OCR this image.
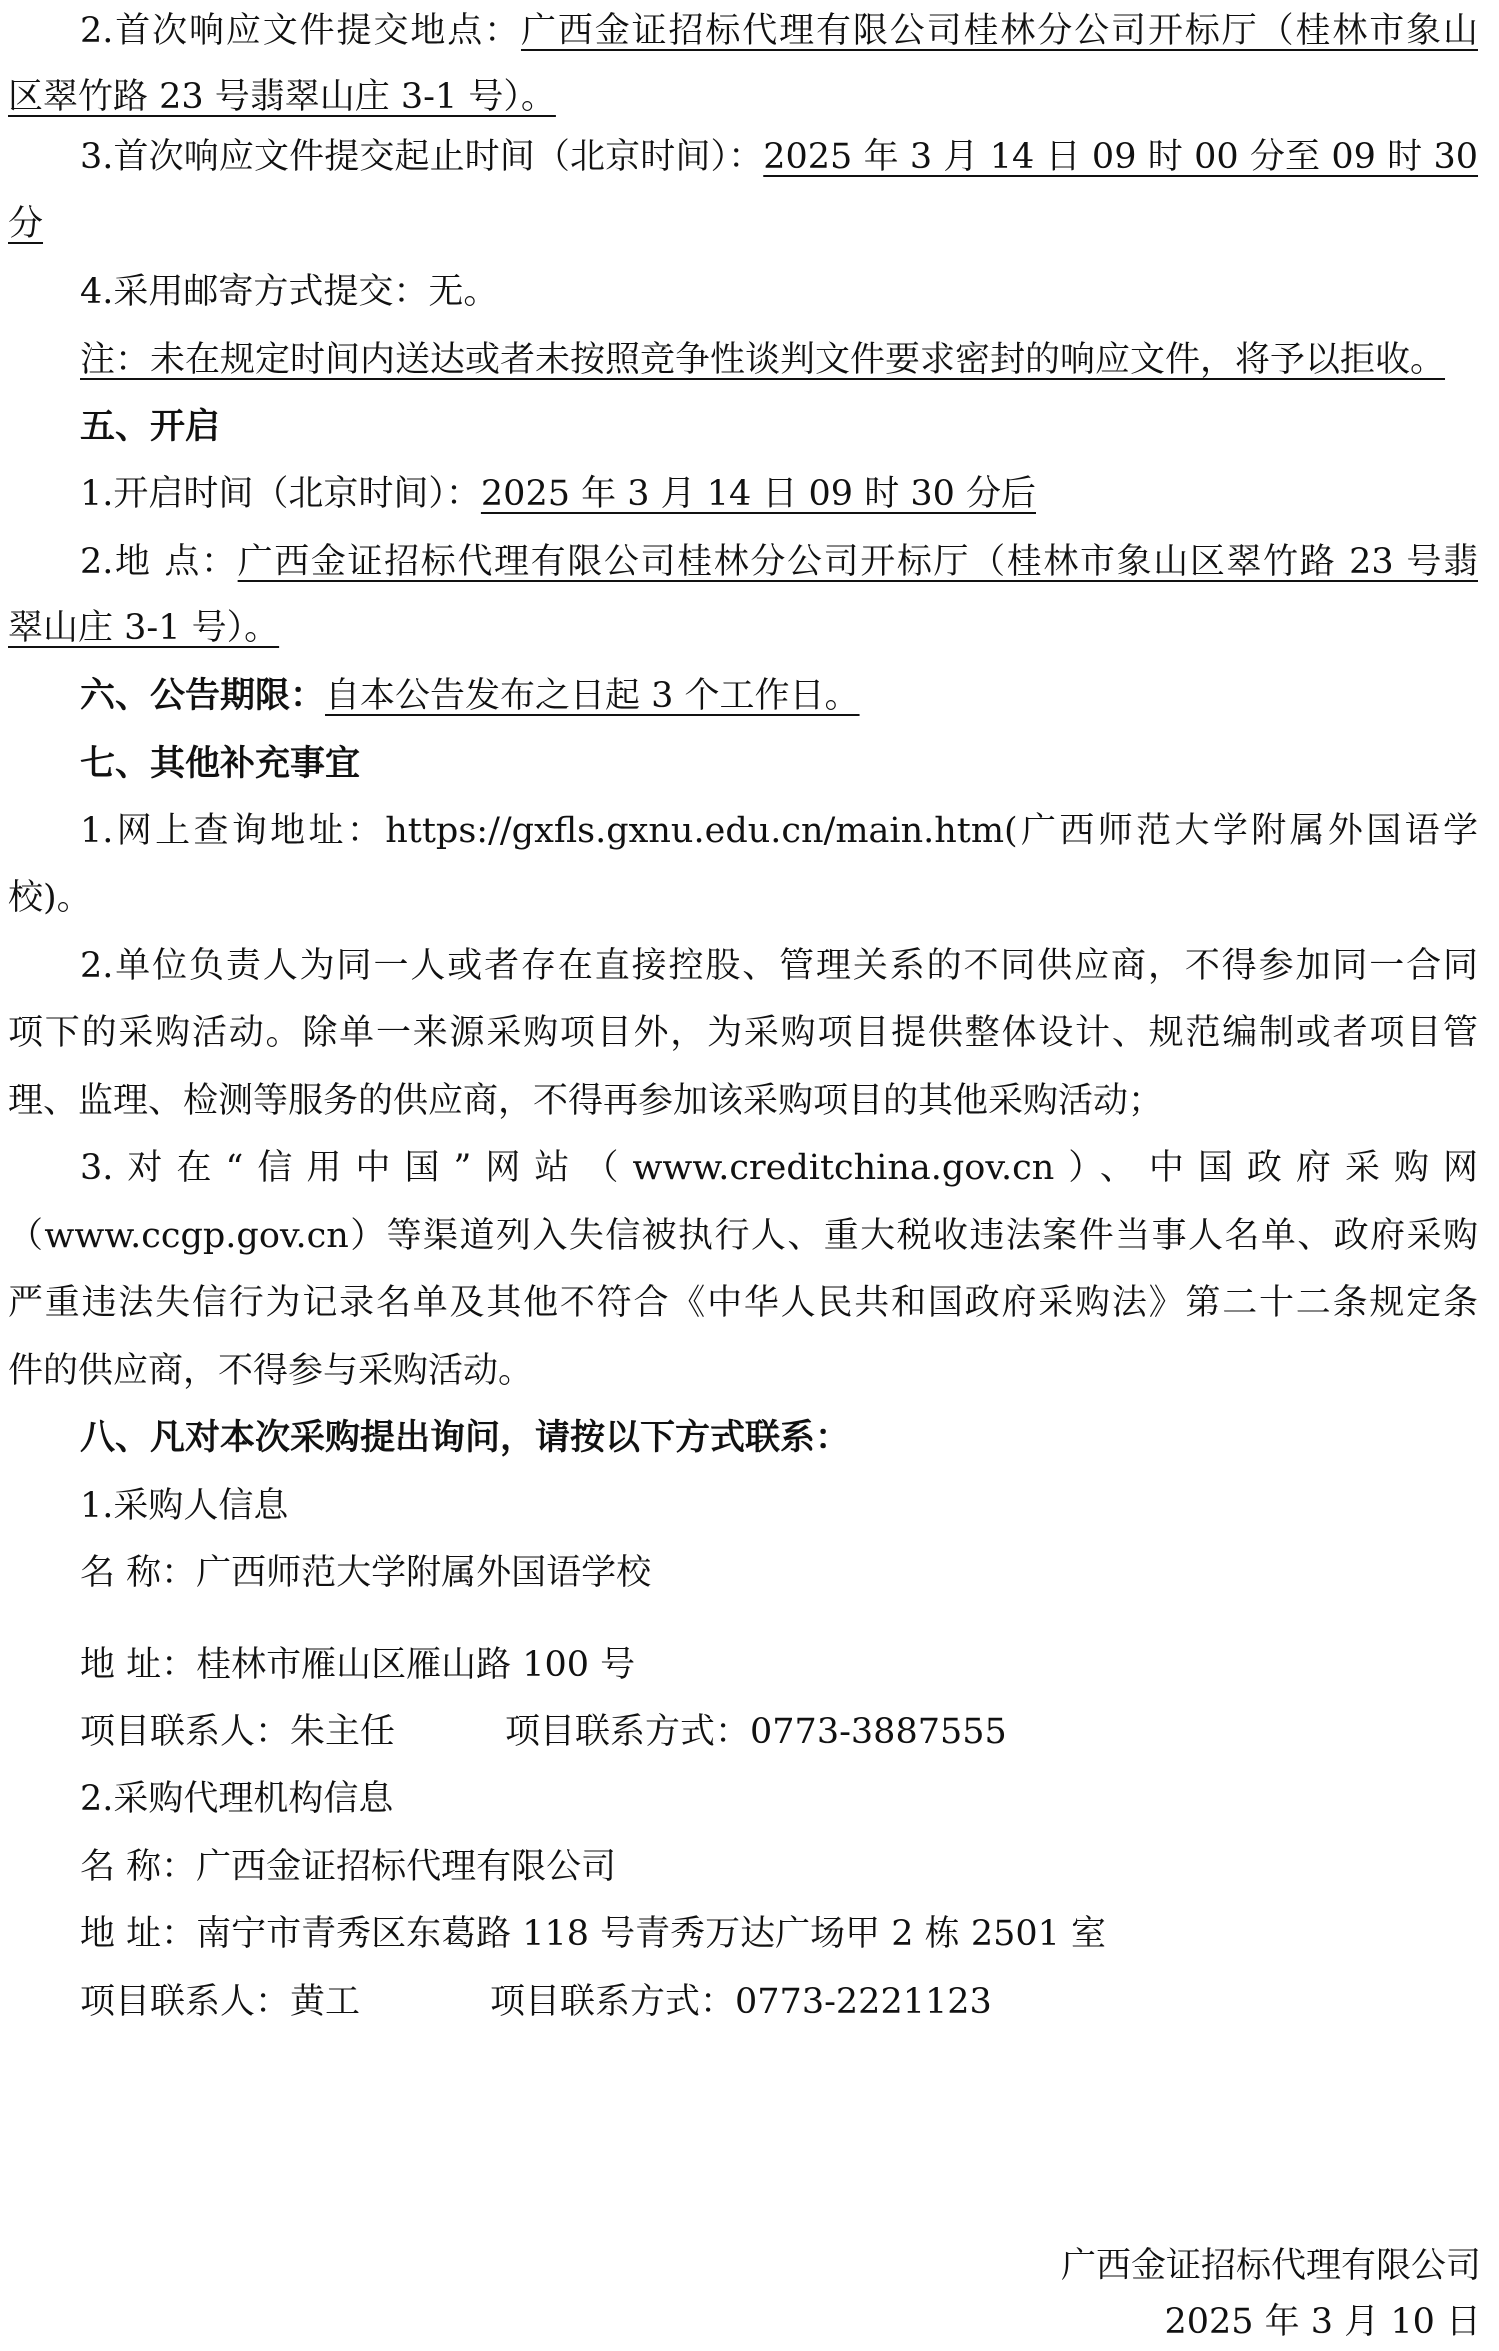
2.首次响应文件提交地点：广西金证招标代理有限公司桂林分公司开标厅（桂林市象山
区翠竹路 23 号翡翠山庄 3-1 号）。
3.首次响应文件提交起止时间（北京时间）：2025 年 3 月 14 日 09 时 00 分至 09 时 30
分
4.采用邮寄方式提交：无。
注：未在规定时间内送达或者未按照竞争性谈判文件要求密封的响应文件，将予以拒收。
五、开启
1.开启时间（北京时间）：2025 年 3 月 14 日 09 时 30 分后
2.地 点：广西金证招标代理有限公司桂林分公司开标厅（桂林市象山区翠竹路 23 号翡
翠山庄 3-1 号）。
六、公告期限：自本公告发布之日起 3 个工作日。
七、其他补充事宜
1.网上查询地址：https://gxfls.gxnu.edu.cn/main.htm(广西师范大学附属外国语学
校)。
2.单位负责人为同一人或者存在直接控股、管理关系的不同供应商，不得参加同一合同
项下的采购活动。除单一来源采购项目外，为采购项目提供整体设计、规范编制或者项目管
理、监理、检测等服务的供应商，不得再参加该采购项目的其他采购活动；
3.对在“信用中国”网站（www.creditchina.gov.cn）、中国政府采购网
（www.ccgp.gov.cn）等渠道列入失信被执行人、重大税收违法案件当事人名单、政府采购
严重违法失信行为记录名单及其他不符合《中华人民共和国政府采购法》第二十二条规定条
件的供应商，不得参与采购活动。
八、凡对本次采购提出询问，请按以下方式联系：
1.采购人信息
名 称：广西师范大学附属外国语学校
地 址：桂林市雁山区雁山路 100 号
项目联系人：朱主任	项目联系方式：0773-3887555
2.采购代理机构信息
名 称：广西金证招标代理有限公司
地 址：南宁市青秀区东葛路 118 号青秀万达广场甲 2 栋 2501 室
项目联系人：黄工	项目联系方式：0773-2221123
广西金证招标代理有限公司
2025 年 3 月 10 日
